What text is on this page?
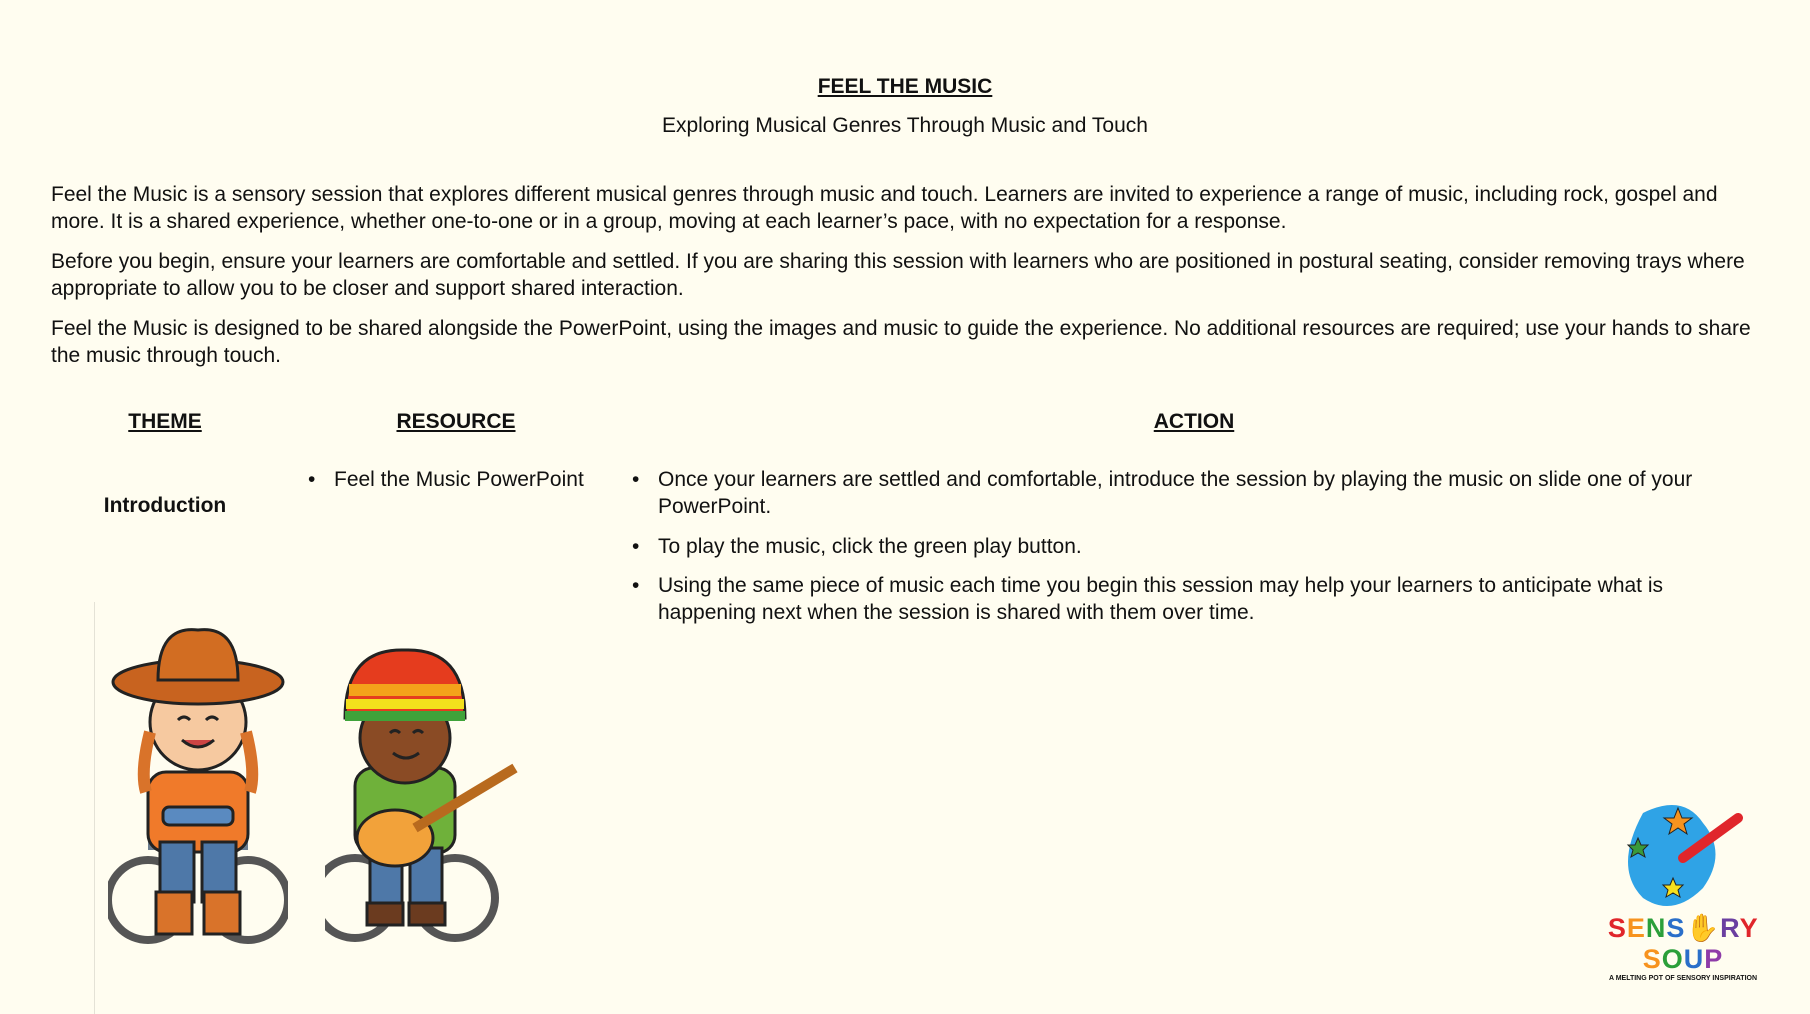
FEEL THE MUSIC
Exploring Musical Genres Through Music and Touch

Feel the Music is a sensory session that explores different musical genres through music and touch. Learners are invited to experience a range of music, including rock, gospel and more. It is a shared experience, whether one-to-one or in a group, moving at each learner’s pace, with no expectation for a response.

Before you begin, ensure your learners are comfortable and settled. If you are sharing this session with learners who are positioned in postural seating, consider removing trays where appropriate to allow you to be closer and support shared interaction.

Feel the Music is designed to be shared alongside the PowerPoint, using the images and music to guide the experience. No additional resources are required; use your hands to share the music through touch.

THEME	RESOURCE	ACTION
Introduction
• Feel the Music PowerPoint • Once your learners are settled and comfortable, introduce the session by playing the music on slide one of your PowerPoint.
• To play the music, click the green play button.
• Using the same piece of music each time you begin this session may help your learners to anticipate what is happening next when the session is shared with them over time.
SENS✋RY SOUP
A MELTING POT OF SENSORY INSPIRATION
